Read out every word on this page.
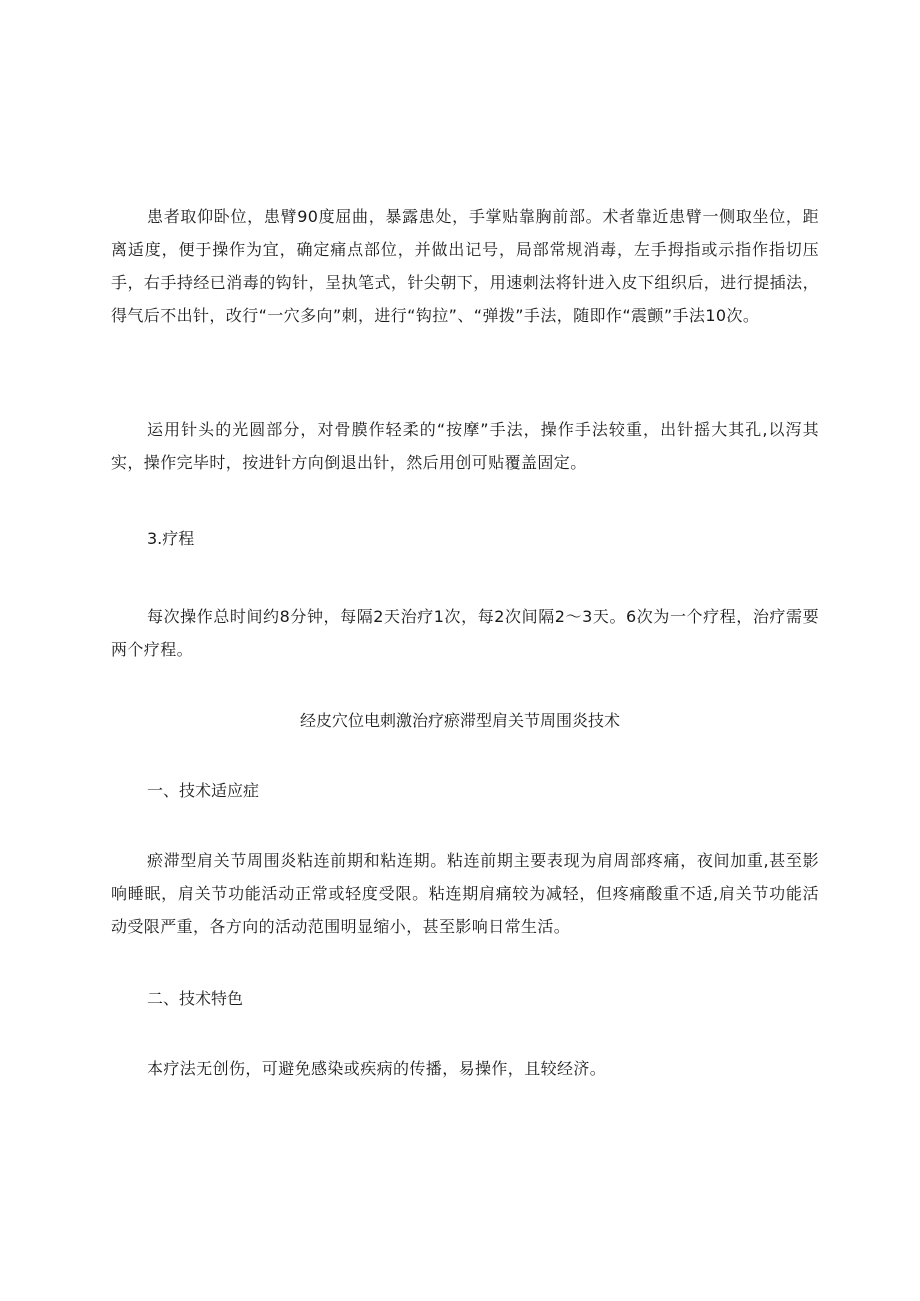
患者取仰卧位，患臂90度屈曲，暴露患处，手掌贴靠胸前部。术者靠近患臂一侧取坐位，距离适度，便于操作为宜，确定痛点部位，并做出记号，局部常规消毒，左手拇指或示指作指切压手，右手持经已消毒的钩针，呈执笔式，针尖朝下，用速刺法将针进入皮下组织后，进行提插法，得气后不出针，改行“一穴多向”刺，进行“钩拉”、“弹拨”手法，随即作“震颤”手法10次。

运用针头的光圆部分，对骨膜作轻柔的“按摩”手法，操作手法较重，出针摇大其孔,以泻其实，操作完毕时，按进针方向倒退出针，然后用创可贴覆盖固定。

3.疗程

每次操作总时间约8分钟，每隔2天治疗1次，每2次间隔2～3天。6次为一个疗程，治疗需要两个疗程。

经皮穴位电刺激治疗瘀滞型肩关节周围炎技术

一、技术适应症

瘀滞型肩关节周围炎粘连前期和粘连期。粘连前期主要表现为肩周部疼痛，夜间加重,甚至影响睡眠，肩关节功能活动正常或轻度受限。粘连期肩痛较为减轻，但疼痛酸重不适,肩关节功能活动受限严重，各方向的活动范围明显缩小，甚至影响日常生活。

二、技术特色

本疗法无创伤，可避免感染或疾病的传播，易操作，且较经济。
